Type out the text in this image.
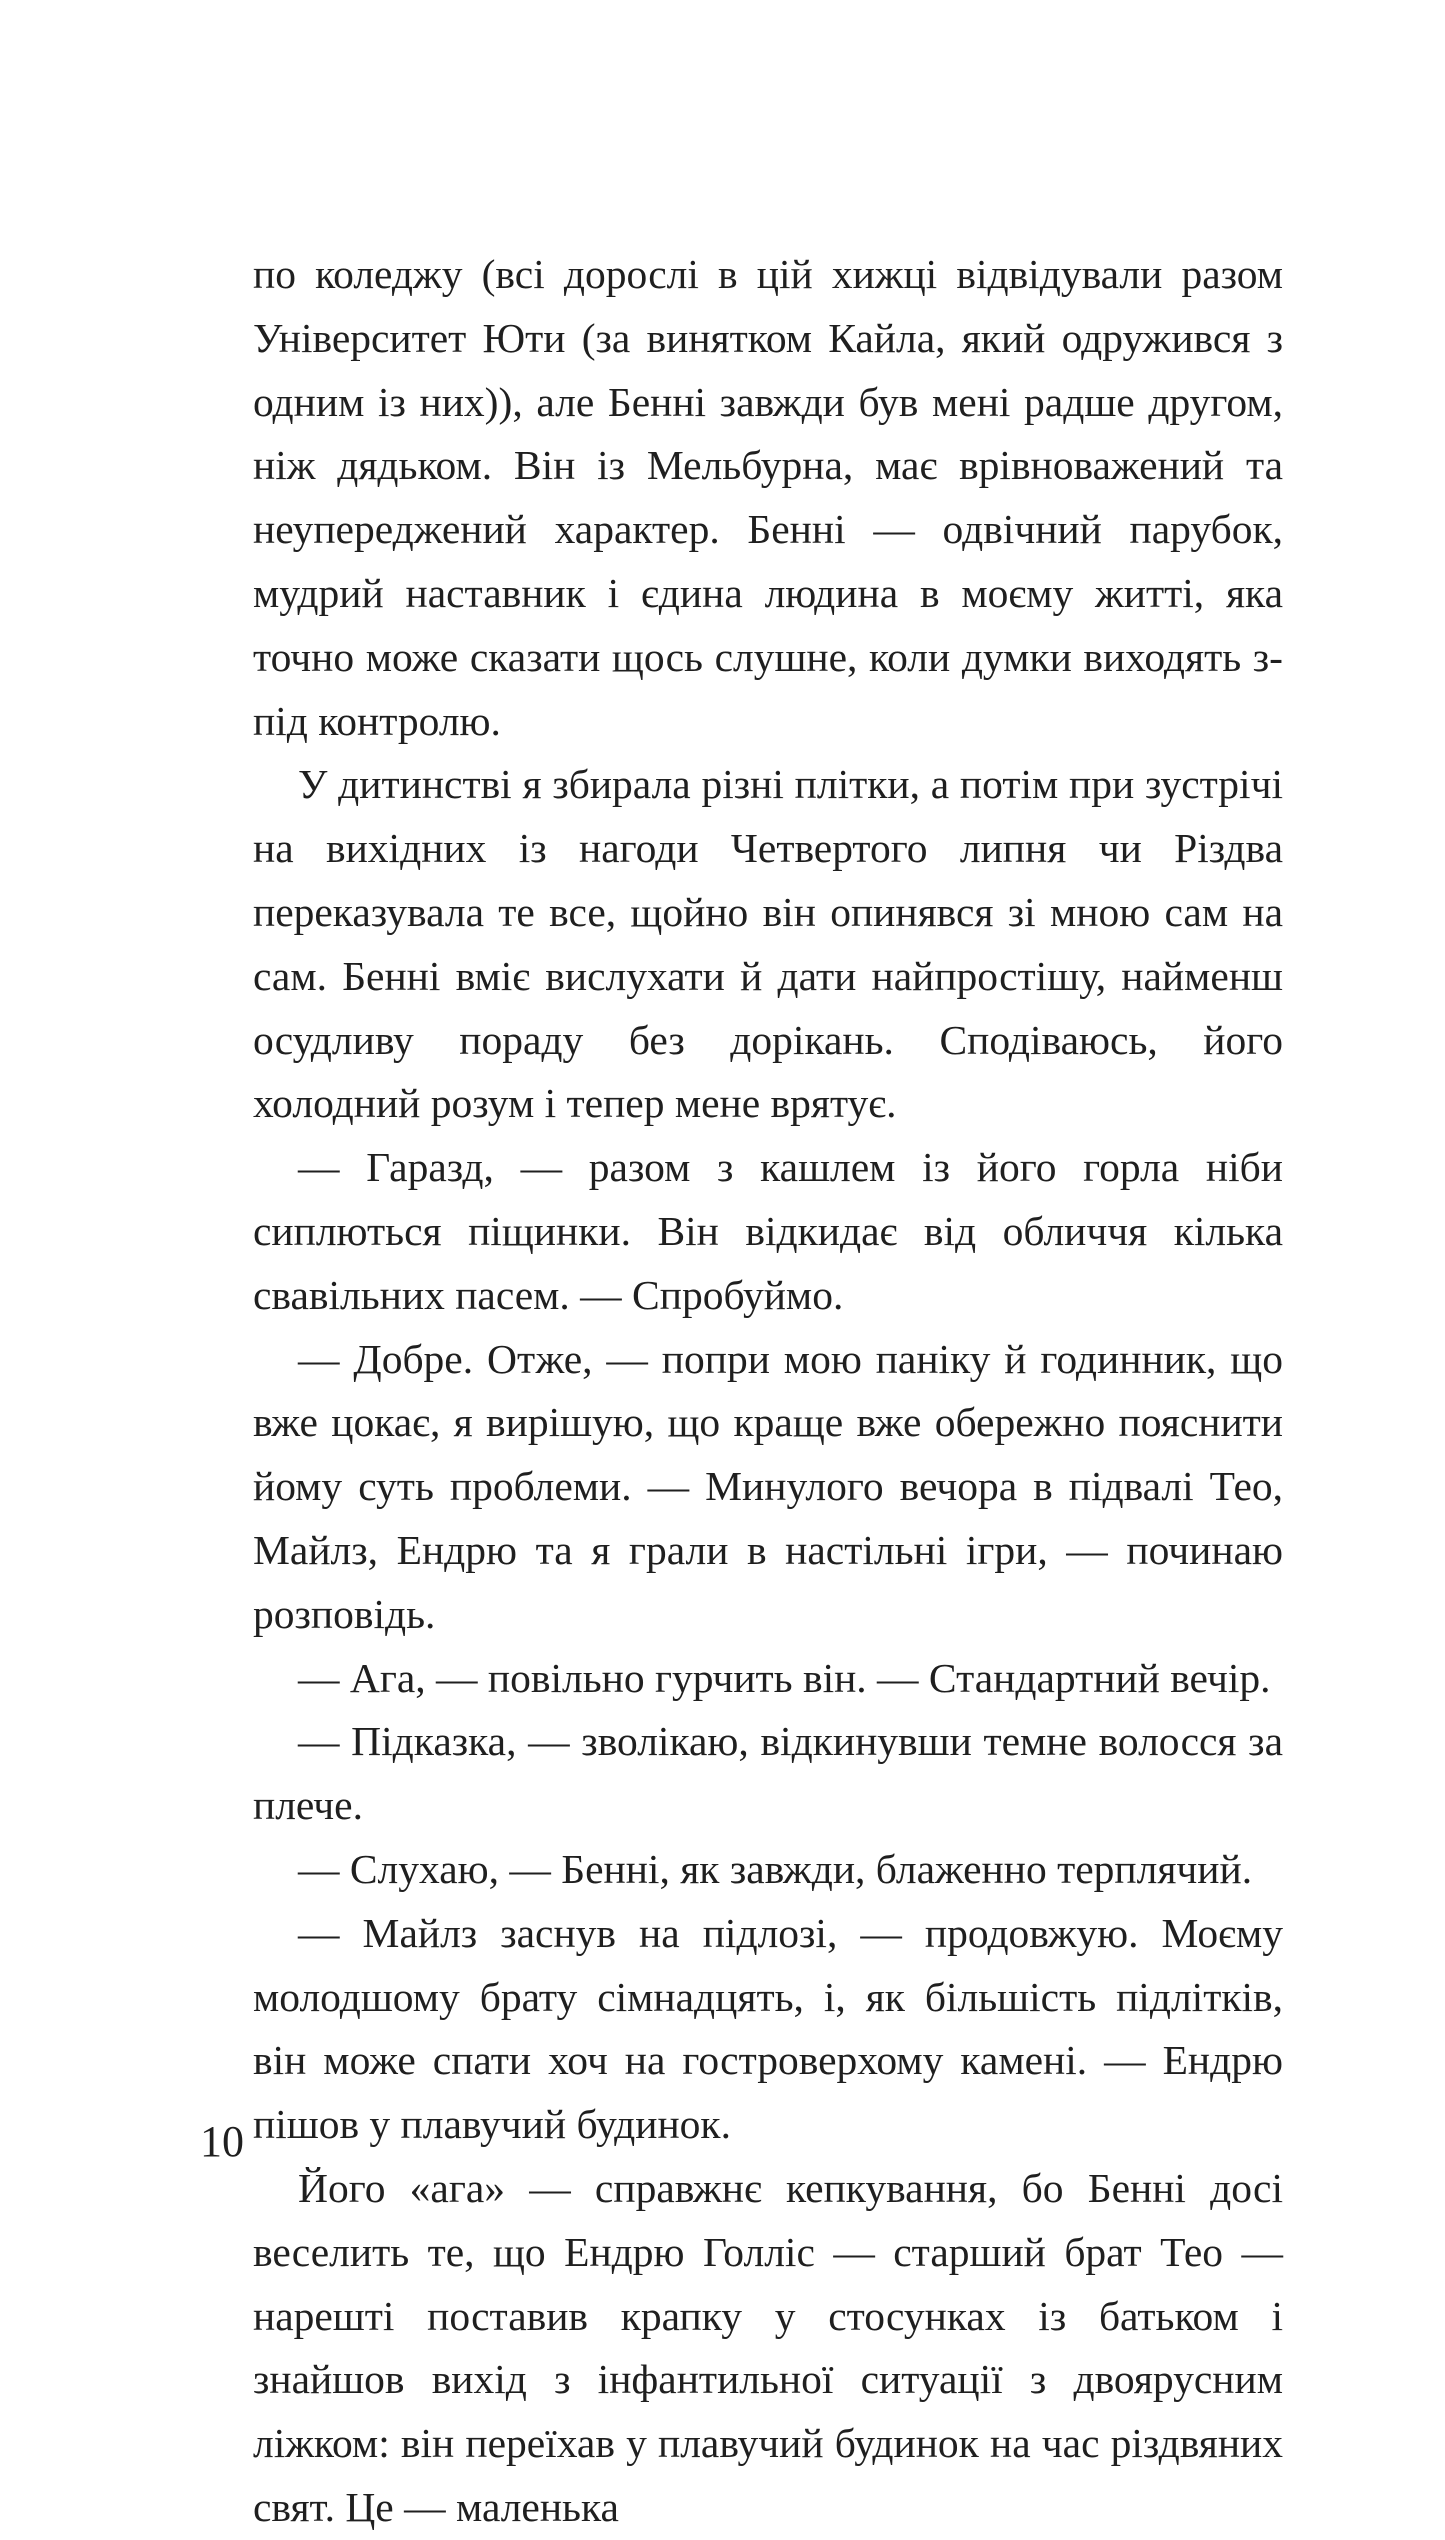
по коледжу (всі дорослі в цій хижці відвідували разом Університет Юти (за винятком Кайла, який одружився з одним із них)), але Бенні завжди був мені радше другом, ніж дядьком. Він із Мельбурна, має врівноважений та неупереджений характер. Бенні — одвічний парубок, мудрий наставник і єдина людина в моєму житті, яка точно може сказати щось слушне, коли думки виходять з-під контролю.

У дитинстві я збирала різні плітки, а потім при зустрічі на вихідних із нагоди Четвертого липня чи Різдва переказувала те все, щойно він опинявся зі мною сам на сам. Бенні вміє вислухати й дати найпростішу, найменш осудливу пораду без дорікань. Сподіваюсь, його холодний розум і тепер мене врятує.

— Гаразд, — разом з кашлем із його горла ніби сиплються піщинки. Він відкидає від обличчя кілька свавільних пасем. — Спробуймо.

— Добре. Отже, — попри мою паніку й годинник, що вже цокає, я вирішую, що краще вже обережно пояснити йому суть проблеми. — Минулого вечора в підвалі Тео, Майлз, Ендрю та я грали в настільні ігри, — починаю розповідь.

— Ага, — повільно гурчить він. — Стандартний вечір.

— Підказка, — зволікаю, відкинувши темне волосся за плече.

— Слухаю, — Бенні, як завжди, блаженно терплячий.

— Майлз заснув на підлозі, — продовжую. Моєму молодшому брату сімнадцять, і, як більшість підлітків, він може спати хоч на гостроверхому камені. — Ендрю пішов у плавучий будинок.

Його «ага» — справжнє кепкування, бо Бенні досі веселить те, що Ендрю Голліс — старший брат Тео — нарешті поставив крапку у стосунках із батьком і знайшов вихід з інфантильної ситуації з двоярусним ліжком: він переїхав у плавучий будинок на час різдвяних свят. Це — маленька

10
